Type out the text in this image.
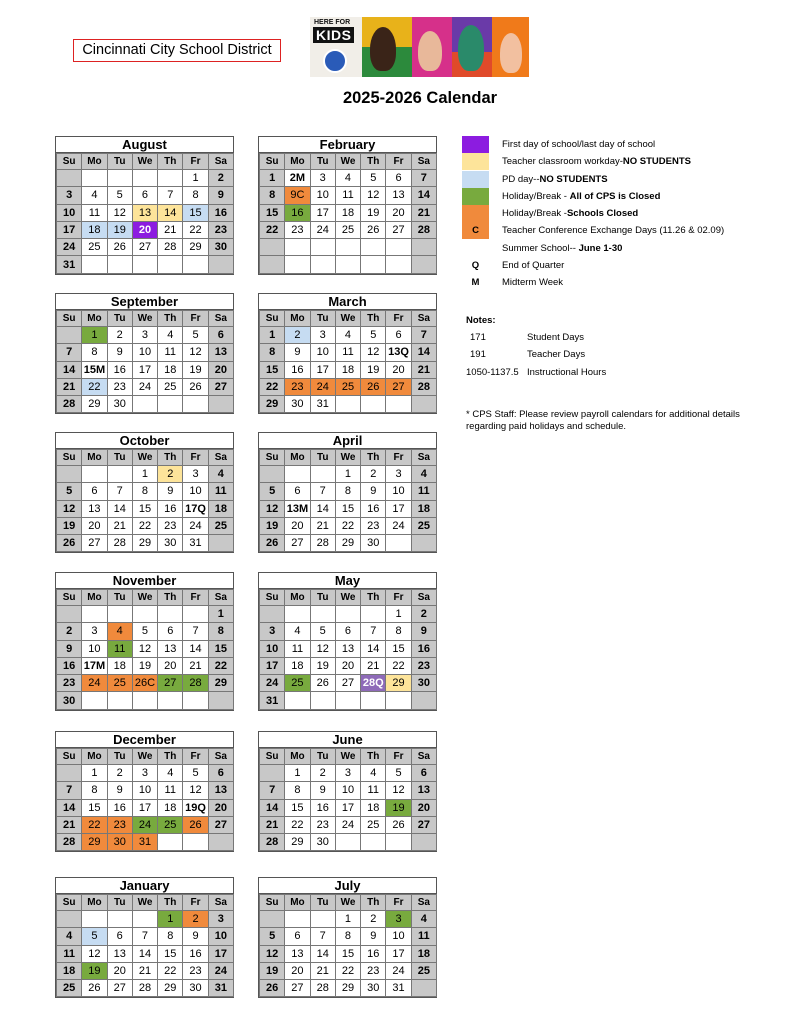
Cincinnati City School District
HERE FOR
KIDS
2025-2026 Calendar
August
Su	Mo	Tu	We	Th	Fr	Sa
					1	2
3	4	5	6	7	8	9
10	11	12	13	14	15	16
17	18	19	20	21	22	23
24	25	26	27	28	29	30
31						
February
Su	Mo	Tu	We	Th	Fr	Sa
1	2M	3	4	5	6	7
8	9C	10	11	12	13	14
15	16	17	18	19	20	21
22	23	24	25	26	27	28

September
Su	Mo	Tu	We	Th	Fr	Sa
	1	2	3	4	5	6
7	8	9	10	11	12	13
14	15M	16	17	18	19	20
21	22	23	24	25	26	27
28	29	30				
March
Su	Mo	Tu	We	Th	Fr	Sa
1	2	3	4	5	6	7
8	9	10	11	12	13Q	14
15	16	17	18	19	20	21
22	23	24	25	26	27	28
29	30	31				
October
Su	Mo	Tu	We	Th	Fr	Sa
			1	2	3	4
5	6	7	8	9	10	11
12	13	14	15	16	17Q	18
19	20	21	22	23	24	25
26	27	28	29	30	31	
April
Su	Mo	Tu	We	Th	Fr	Sa
			1	2	3	4
5	6	7	8	9	10	11
12	13M	14	15	16	17	18
19	20	21	22	23	24	25
26	27	28	29	30		
November
Su	Mo	Tu	We	Th	Fr	Sa
						1
2	3	4	5	6	7	8
9	10	11	12	13	14	15
16	17M	18	19	20	21	22
23	24	25	26C	27	28	29
30						
May
Su	Mo	Tu	We	Th	Fr	Sa
					1	2
3	4	5	6	7	8	9
10	11	12	13	14	15	16
17	18	19	20	21	22	23
24	25	26	27	28Q	29	30
31						
December
Su	Mo	Tu	We	Th	Fr	Sa
	1	2	3	4	5	6
7	8	9	10	11	12	13
14	15	16	17	18	19Q	20
21	22	23	24	25	26	27
28	29	30	31			
June
Su	Mo	Tu	We	Th	Fr	Sa
	1	2	3	4	5	6
7	8	9	10	11	12	13
14	15	16	17	18	19	20
21	22	23	24	25	26	27
28	29	30				
January
Su	Mo	Tu	We	Th	Fr	Sa
				1	2	3
4	5	6	7	8	9	10
11	12	13	14	15	16	17
18	19	20	21	22	23	24
25	26	27	28	29	30	31
July
Su	Mo	Tu	We	Th	Fr	Sa
			1	2	3	4
5	6	7	8	9	10	11
12	13	14	15	16	17	18
19	20	21	22	23	24	25
26	27	28	29	30	31	
First day of school/last day of school
Teacher classroom workday-NO STUDENTS
PD day--NO STUDENTS
Holiday/Break - All of CPS is Closed
Holiday/Break -Schools Closed
C	Teacher Conference Exchange Days (11.26 & 02.09)
Summer School-- June 1-30
Q	End of Quarter
M	Midterm Week
Notes:
171	Student Days
191	Teacher Days
1050-1137.5 Instructional Hours
* CPS Staff: Please review payroll calendars for additional details regarding paid holidays and schedule.
